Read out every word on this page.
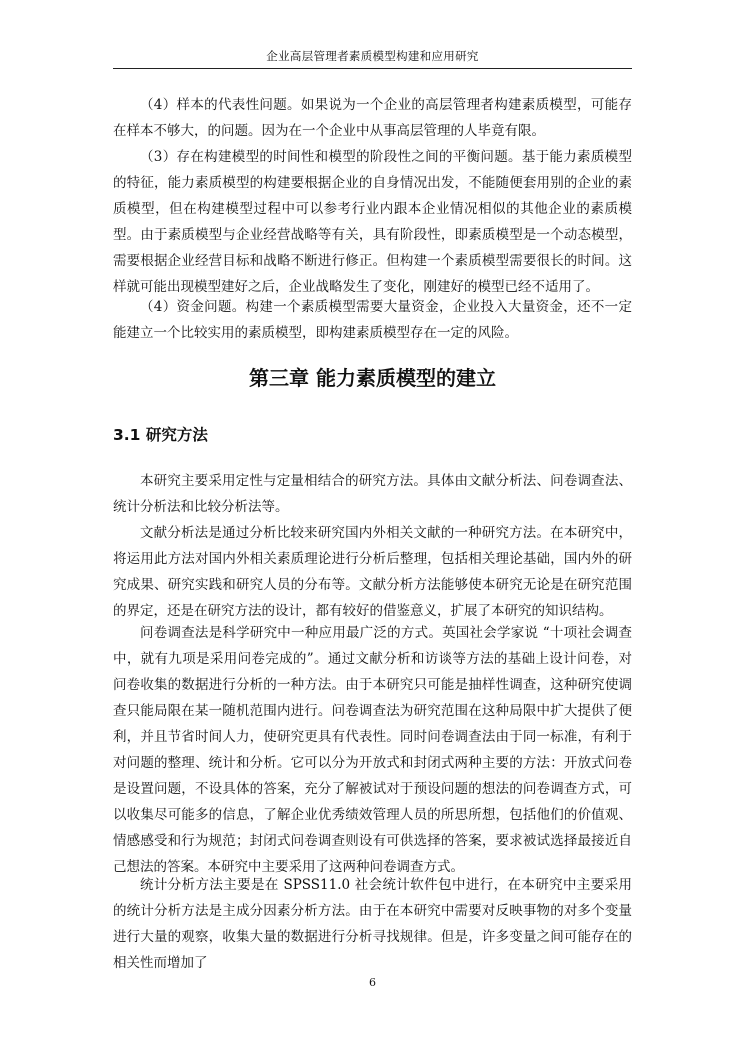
企业高层管理者素质模型构建和应用研究

（4）样本的代表性问题。如果说为一个企业的高层管理者构建素质模型，可能存在样本不够大，的问题。因为在一个企业中从事高层管理的人毕竟有限。

（3）存在构建模型的时间性和模型的阶段性之间的平衡问题。基于能力素质模型的特征，能力素质模型的构建要根据企业的自身情况出发，不能随便套用别的企业的素质模型，但在构建模型过程中可以参考行业内跟本企业情况相似的其他企业的素质模型。由于素质模型与企业经营战略等有关，具有阶段性，即素质模型是一个动态模型，需要根据企业经营目标和战略不断进行修正。但构建一个素质模型需要很长的时间。这样就可能出现模型建好之后，企业战略发生了变化，刚建好的模型已经不适用了。

（4）资金问题。构建一个素质模型需要大量资金，企业投入大量资金，还不一定能建立一个比较实用的素质模型，即构建素质模型存在一定的风险。

第三章 能力素质模型的建立
3.1 研究方法

本研究主要采用定性与定量相结合的研究方法。具体由文献分析法、问卷调查法、统计分析法和比较分析法等。

文献分析法是通过分析比较来研究国内外相关文献的一种研究方法。在本研究中，将运用此方法对国内外相关素质理论进行分析后整理，包括相关理论基础，国内外的研究成果、研究实践和研究人员的分布等。文献分析方法能够使本研究无论是在研究范围的界定，还是在研究方法的设计，都有较好的借鉴意义，扩展了本研究的知识结构。

问卷调查法是科学研究中一种应用最广泛的方式。英国社会学家说 “十项社会调查中，就有九项是采用问卷完成的”。通过文献分析和访谈等方法的基础上设计问卷，对问卷收集的数据进行分析的一种方法。由于本研究只可能是抽样性调查，这种研究使调查只能局限在某一随机范围内进行。问卷调查法为研究范围在这种局限中扩大提供了便利，并且节省时间人力，使研究更具有代表性。同时问卷调查法由于同一标准，有利于对问题的整理、统计和分析。它可以分为开放式和封闭式两种主要的方法：开放式问卷是设置问题，不设具体的答案，充分了解被试对于预设问题的想法的问卷调查方式，可以收集尽可能多的信息，了解企业优秀绩效管理人员的所思所想，包括他们的价值观、情感感受和行为规范；封闭式问卷调查则设有可供选择的答案，要求被试选择最接近自己想法的答案。本研究中主要采用了这两种问卷调查方式。

统计分析方法主要是在 SPSS11.0 社会统计软件包中进行，在本研究中主要采用的统计分析方法是主成分因素分析方法。由于在本研究中需要对反映事物的对多个变量进行大量的观察，收集大量的数据进行分析寻找规律。但是，许多变量之间可能存在的相关性而增加了

6
